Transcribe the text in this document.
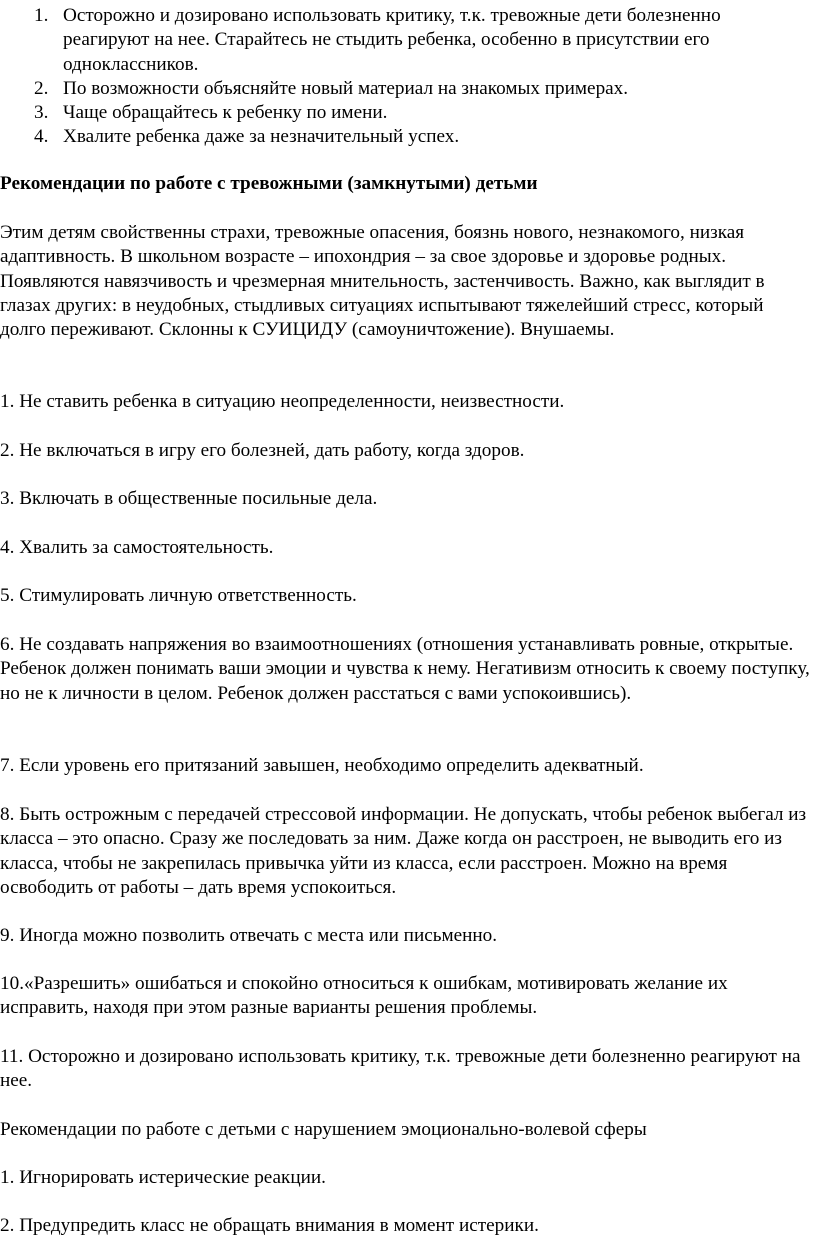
1. Осторожно и дозировано использовать критику, т.к. тревожные дети болезненно реагируют на нее. Старайтесь не стыдить ребенка, особенно в присутствии его одноклассников.
2. По возможности объясняйте новый материал на знакомых примерах.
3. Чаще обращайтесь к ребенку по имени.
4. Хвалите ребенка даже за незначительный успех.

Рекомендации по работе с тревожными (замкнутыми) детьми

Этим детям свойственны страхи, тревожные опасения, боязнь нового, незнакомого, низкая адаптивность. В школьном возрасте – ипохондрия – за свое здоровье и здоровье родных. Появляются навязчивость и чрезмерная мнительность, застенчивость. Важно, как выглядит в глазах других: в неудобных, стыдливых ситуациях испытывают тяжелейший стресс, который долго переживают. Склонны к СУИЦИДУ (самоуничтожение). Внушаемы.

1. Не ставить ребенка в ситуацию неопределенности, неизвестности.

2. Не включаться в игру его болезней, дать работу, когда здоров.

3. Включать в общественные посильные дела.

4. Хвалить за самостоятельность.

5. Стимулировать личную ответственность.

6. Не создавать напряжения во взаимоотношениях (отношения устанавливать ровные, открытые. Ребенок должен понимать ваши эмоции и чувства к нему. Негативизм относить к своему поступку, но не к личности в целом. Ребенок должен расстаться с вами успокоившись).

7. Если уровень его притязаний завышен, необходимо определить адекватный.

8. Быть острожным с передачей стрессовой информации. Не допускать, чтобы ребенок выбегал из класса – это опасно. Сразу же последовать за ним. Даже когда он расстроен, не выводить его из класса, чтобы не закрепилась привычка уйти из класса, если расстроен. Можно на время освободить от работы – дать время успокоиться.

9. Иногда можно позволить отвечать с места или письменно.

10.«Разрешить» ошибаться и спокойно относиться к ошибкам, мотивировать желание их исправить, находя при этом разные варианты решения проблемы.

11. Осторожно и дозировано использовать критику, т.к. тревожные дети болезненно реагируют на нее.

Рекомендации по работе с детьми с нарушением эмоционально-волевой сферы

1. Игнорировать истерические реакции.

2. Предупредить класс не обращать внимания в момент истерики.
